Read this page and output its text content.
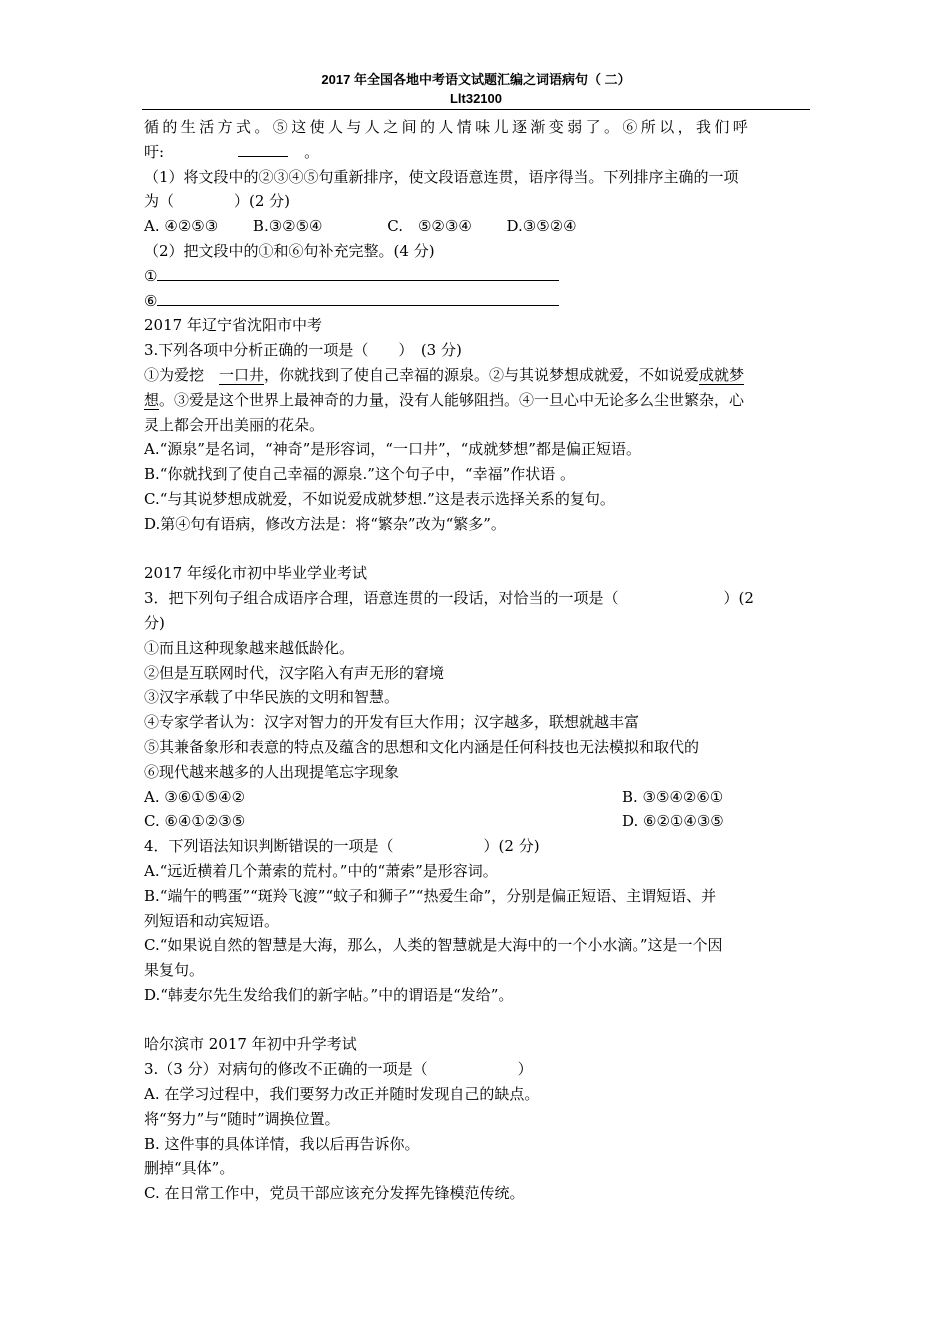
2017 年全国各地中考语文试题汇编之词语病句（ 二）
Llt32100
循的生活方式。⑤这使人与人之间的人情味儿逐渐变弱了。⑥所以，我们呼
吁:	。
（1）将文段中的②③④⑤句重新排序，使文段语意连贯，语序得当。下列排序主确的一项
为（　　　　）(2 分)
A. ④②⑤③　　 B.③②⑤④　　　　 C.　⑤②③④　　 D.③⑤②④
（2）把文段中的①和⑥句补充完整。(4 分)
①
⑥
2017 年辽宁省沈阳市中考
3.下列各项中分析正确的一项是（　　）　(3 分)
①为爱挖　一口井，你就找到了使自己幸福的源泉。②与其说梦想成就爱，不如说爱成就梦
想。③爱是这个世界上最神奇的力量，没有人能够阻挡。④一旦心中无论多么尘世繁杂，心
灵上都会开出美丽的花朵。
A.“源泉”是名词，“神奇”是形容词，“一口井”，“成就梦想”都是偏正短语。
B.“你就找到了使自己幸福的源泉.”这个句子中，“幸福”作状语 。
C.“与其说梦想成就爱，不如说爱成就梦想.”这是表示选择关系的复句。
D.第④句有语病，修改方法是：将“繁杂”改为“繁多”。
2017 年绥化市初中毕业学业考试
3．把下列句子组合成语序合理，语意连贯的一段话，对恰当的一项是（　　　　　　　）(2
分)
①而且这种现象越来越低龄化。
②但是互联网时代，汉字陷入有声无形的窘境
③汉字承载了中华民族的文明和智慧。
④专家学者认为：汉字对智力的开发有巨大作用；汉字越多，联想就越丰富
⑤其兼备象形和表意的特点及蕴含的思想和文化内涵是任何科技也无法模拟和取代的
⑥现代越来越多的人出现提笔忘字现象
A. ③⑥①⑤④②	B. ③⑤④②⑥①
C. ⑥④①②③⑤	D. ⑥②①④③⑤
4．下列语法知识判断错误的一项是（　　　　　　）(2 分)
A.“远近横着几个萧索的荒村。”中的“萧索”是形容词。
B.“端午的鸭蛋”“斑羚飞渡”“蚊子和狮子”“热爱生命”，分别是偏正短语、主谓短语、并
列短语和动宾短语。
C.“如果说自然的智慧是大海，那么，人类的智慧就是大海中的一个小水滴。”这是一个因
果复句。
D.“韩麦尔先生发给我们的新字帖。”中的谓语是“发给”。
哈尔滨市 2017 年初中升学考试
3.（3 分）对病句的修改不正确的一项是（　　　　　　）
A. 在学习过程中，我们要努力改正并随时发现自己的缺点。
将“努力”与“随时”调换位置。
B. 这件事的具体详情，我以后再告诉你。
删掉“具体”。
C. 在日常工作中，党员干部应该充分发挥先锋模范传统。
